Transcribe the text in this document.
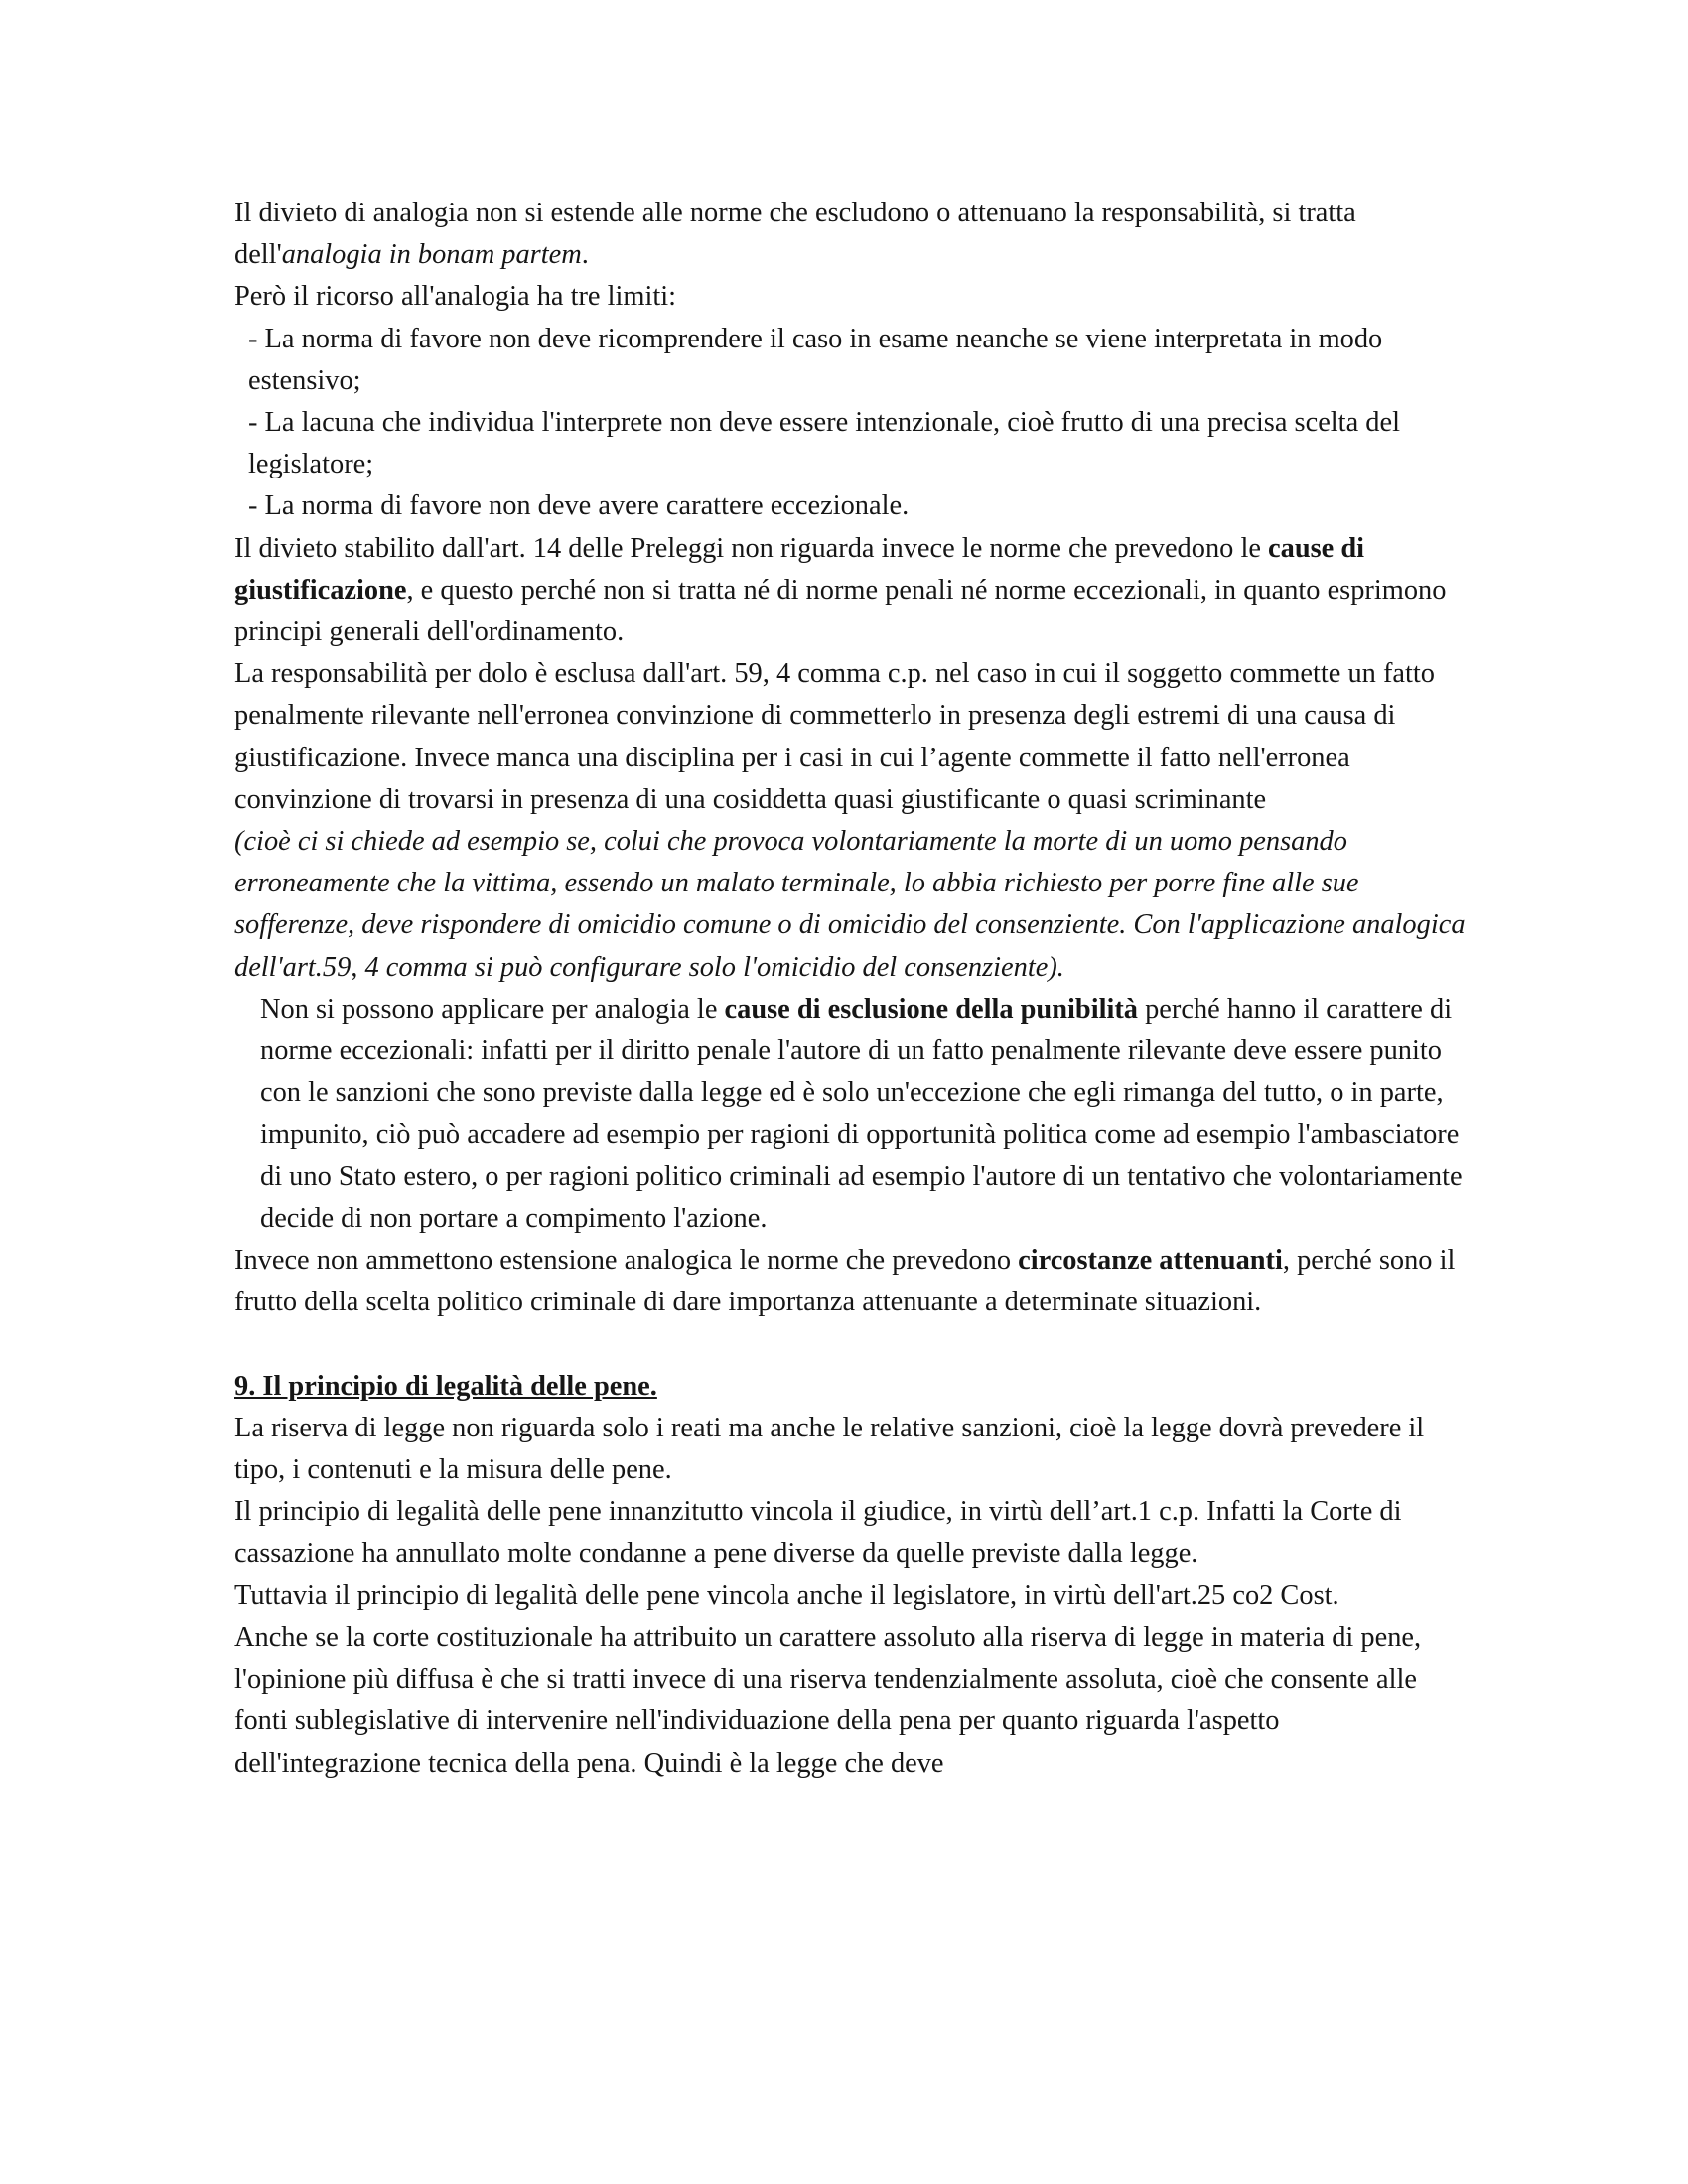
Il divieto di analogia non si estende alle norme che escludono o attenuano la responsabilità, si tratta dell'analogia in bonam partem.

Però il ricorso all'analogia ha tre limiti:

- La norma di favore non deve ricomprendere il caso in esame neanche se viene interpretata in modo estensivo;

- La lacuna che individua l'interprete non deve essere intenzionale, cioè frutto di una precisa scelta del legislatore;

- La norma di favore non deve avere carattere eccezionale.

Il divieto stabilito dall'art. 14 delle Preleggi non riguarda invece le norme che prevedono le cause di giustificazione, e questo perché non si tratta né di norme penali né norme eccezionali, in quanto esprimono principi generali dell'ordinamento.

La responsabilità per dolo è esclusa dall'art. 59, 4 comma c.p. nel caso in cui il soggetto commette un fatto penalmente rilevante nell'erronea convinzione di commetterlo in presenza degli estremi di una causa di giustificazione. Invece manca una disciplina per i casi in cui l’agente commette il fatto nell'erronea convinzione di trovarsi in presenza di una cosiddetta quasi giustificante o quasi scriminante

(cioè ci si chiede ad esempio se, colui che provoca volontariamente la morte di un uomo pensando erroneamente che la vittima, essendo un malato terminale, lo abbia richiesto per porre fine alle sue sofferenze, deve rispondere di omicidio comune o di omicidio del consenziente. Con l'applicazione analogica dell'art.59, 4 comma si può configurare solo l'omicidio del consenziente).

Non si possono applicare per analogia le cause di esclusione della punibilità perché hanno il carattere di norme eccezionali: infatti per il diritto penale l'autore di un fatto penalmente rilevante deve essere punito con le sanzioni che sono previste dalla legge ed è solo un'eccezione che egli rimanga del tutto, o in parte, impunito, ciò può accadere ad esempio per ragioni di opportunità politica come ad esempio l'ambasciatore di uno Stato estero, o per ragioni politico criminali ad esempio l'autore di un tentativo che volontariamente decide di non portare a compimento l'azione.

Invece non ammettono estensione analogica le norme che prevedono circostanze attenuanti, perché sono il frutto della scelta politico criminale di dare importanza attenuante a determinate situazioni.

9. Il principio di legalità delle pene.

La riserva di legge non riguarda solo i reati ma anche le relative sanzioni, cioè la legge dovrà prevedere il tipo, i contenuti e la misura delle pene.

Il principio di legalità delle pene innanzitutto vincola il giudice, in virtù dell’art.1 c.p. Infatti la Corte di cassazione ha annullato molte condanne a pene diverse da quelle previste dalla legge.

Tuttavia il principio di legalità delle pene vincola anche il legislatore, in virtù dell'art.25 co2 Cost.

Anche se la corte costituzionale ha attribuito un carattere assoluto alla riserva di legge in materia di pene, l'opinione più diffusa è che si tratti invece di una riserva tendenzialmente assoluta, cioè che consente alle fonti sublegislative di intervenire nell'individuazione della pena per quanto riguarda l'aspetto dell'integrazione tecnica della pena. Quindi è la legge che deve
